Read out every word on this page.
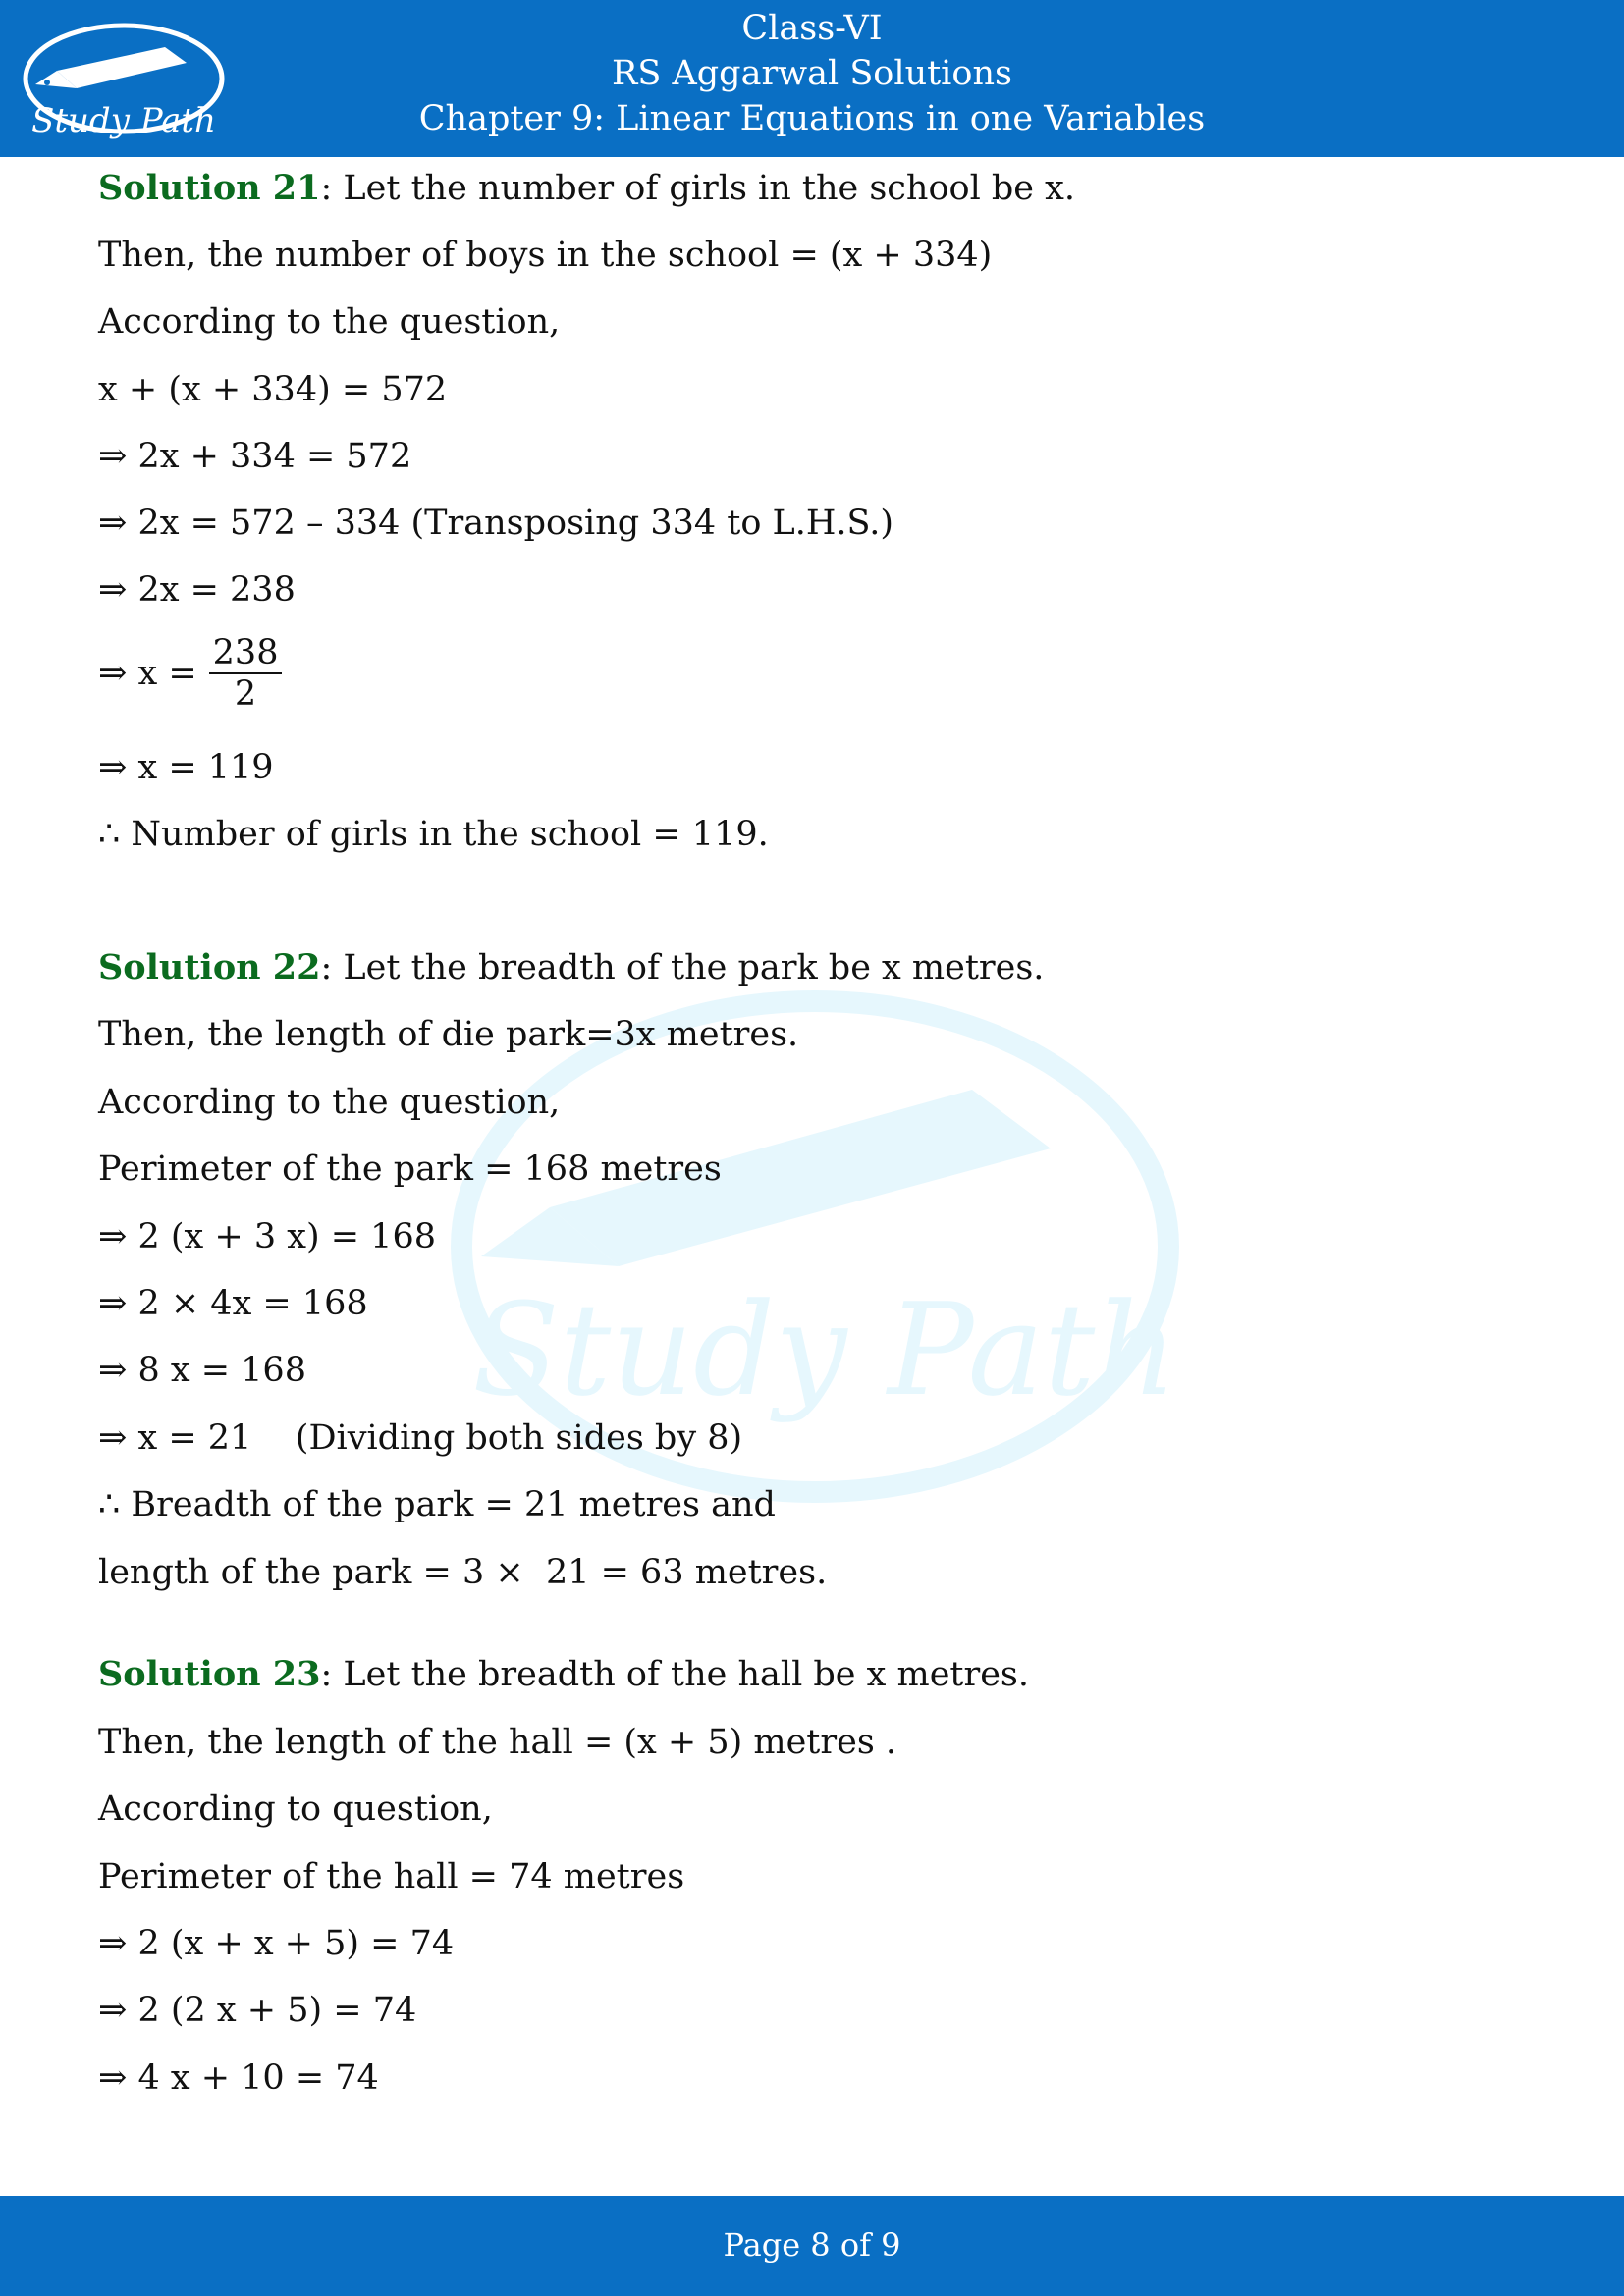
Study Path
Class-VI
RS Aggarwal Solutions
Chapter 9: Linear Equations in one Variables
Study Path
Solution 21: Let the number of girls in the school be x.
Then, the number of boys in the school = (x + 334)
According to the question,
x + (x + 334) = 572
⇒ 2x + 334 = 572
⇒ 2x = 572 – 334 (Transposing 334 to L.H.S.)
⇒ 2x = 238
⇒ $x = \frac{238}{2}$
⇒ x = 119
∴ Number of girls in the school = 119.
Solution 22: Let the breadth of the park be x metres.
Then, the length of die park=3x metres.
According to the question,
Perimeter of the park = 168 metres
⇒ 2 (x + 3 x) = 168
⇒ 2 × 4x = 168
⇒ 8 x = 168
⇒ x = 21    (Dividing both sides by 8)
∴ Breadth of the park = 21 metres and
length of the park = 3 ×  21 = 63 metres.
Solution 23: Let the breadth of the hall be x metres.
Then, the length of the hall = (x + 5) metres .
According to question,
Perimeter of the hall = 74 metres
⇒ 2 (x + x + 5) = 74
⇒ 2 (2 x + 5) = 74
⇒ 4 x + 10 = 74
Page 8 of 9
